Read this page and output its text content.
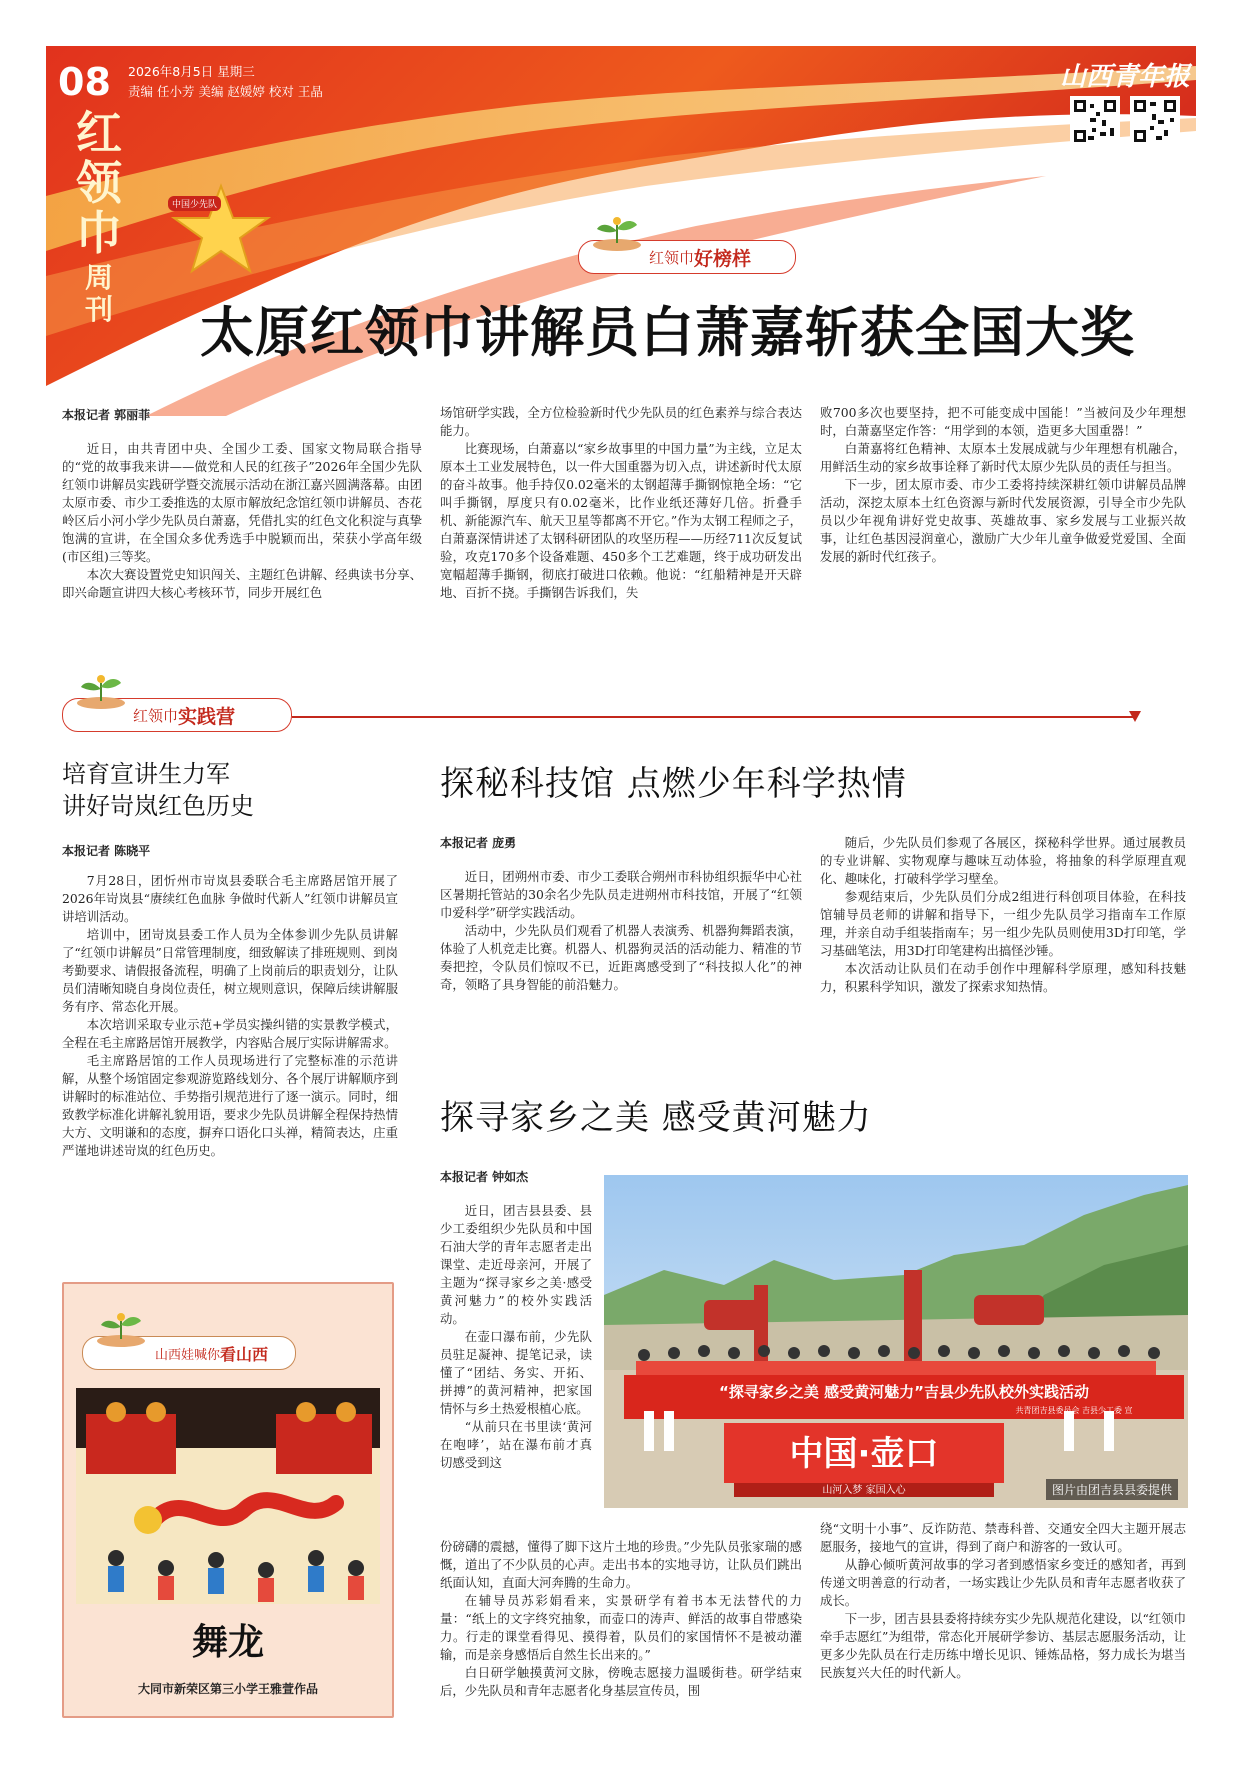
08 2026年8月5日 星期三
责编 任小芳 美编 赵媛婷 校对 王晶
红
领
巾
周
刊
中国少先队
山西青年报
红领巾 好榜样
太原红领巾讲解员白萧嘉斩获全国大奖
本报记者 郭丽菲

近日，由共青团中央、全国少工委、国家文物局联合指导的“党的故事我来讲——做党和人民的红孩子”2026年全国少先队红领巾讲解员实践研学暨交流展示活动在浙江嘉兴圆满落幕。由团太原市委、市少工委推选的太原市解放纪念馆红领巾讲解员、杏花岭区后小河小学少先队员白萧嘉，凭借扎实的红色文化积淀与真挚饱满的宣讲，在全国众多优秀选手中脱颖而出，荣获小学高年级(市区组)三等奖。

本次大赛设置党史知识闯关、主题红色讲解、经典读书分享、即兴命题宣讲四大核心考核环节，同步开展红色

场馆研学实践，全方位检验新时代少先队员的红色素养与综合表达能力。

比赛现场，白萧嘉以“家乡故事里的中国力量”为主线，立足太原本土工业发展特色，以一件大国重器为切入点，讲述新时代太原的奋斗故事。他手持仅0.02毫米的太钢超薄手撕钢惊艳全场：“它叫手撕钢，厚度只有0.02毫米，比作业纸还薄好几倍。折叠手机、新能源汽车、航天卫星等都离不开它。”作为太钢工程师之子，白萧嘉深情讲述了太钢科研团队的攻坚历程——历经711次反复试验，攻克170多个设备难题、450多个工艺难题，终于成功研发出宽幅超薄手撕钢，彻底打破进口依赖。他说：“红船精神是开天辟地、百折不挠。手撕钢告诉我们，失

败700多次也要坚持，把不可能变成中国能！”当被问及少年理想时，白萧嘉坚定作答：“用学到的本领，造更多大国重器！”

白萧嘉将红色精神、太原本土发展成就与少年理想有机融合，用鲜活生动的家乡故事诠释了新时代太原少先队员的责任与担当。

下一步，团太原市委、市少工委将持续深耕红领巾讲解员品牌活动，深挖太原本土红色资源与新时代发展资源，引导全市少先队员以少年视角讲好党史故事、英雄故事、家乡发展与工业振兴故事，让红色基因浸润童心，激励广大少年儿童争做爱党爱国、全面发展的新时代红孩子。

红领巾 实践营
培育宣讲生力军
讲好岢岚红色历史
本报记者 陈晓平

7月28日，团忻州市岢岚县委联合毛主席路居馆开展了2026年岢岚县“赓续红色血脉 争做时代新人”红领巾讲解员宣讲培训活动。

培训中，团岢岚县委工作人员为全体参训少先队员讲解了“红领巾讲解员”日常管理制度，细致解读了排班规则、到岗考勤要求、请假报备流程，明确了上岗前后的职责划分，让队员们清晰知晓自身岗位责任，树立规则意识，保障后续讲解服务有序、常态化开展。

本次培训采取专业示范+学员实操纠错的实景教学模式，全程在毛主席路居馆开展教学，内容贴合展厅实际讲解需求。

毛主席路居馆的工作人员现场进行了完整标准的示范讲解，从整个场馆固定参观游览路线划分、各个展厅讲解顺序到讲解时的标准站位、手势指引规范进行了逐一演示。同时，细致教学标准化讲解礼貌用语，要求少先队员讲解全程保持热情大方、文明谦和的态度，摒弃口语化口头禅，精简表达，庄重严谨地讲述岢岚的红色历史。

探秘科技馆 点燃少年科学热情
本报记者 庞勇

近日，团朔州市委、市少工委联合朔州市科协组织振华中心社区暑期托管站的30余名少先队员走进朔州市科技馆，开展了“红领巾爱科学”研学实践活动。

活动中，少先队员们观看了机器人表演秀、机器狗舞蹈表演，体验了人机竞走比赛。机器人、机器狗灵活的活动能力、精准的节奏把控，令队员们惊叹不已，近距离感受到了“科技拟人化”的神奇，领略了具身智能的前沿魅力。

随后，少先队员们参观了各展区，探秘科学世界。通过展教员的专业讲解、实物观摩与趣味互动体验，将抽象的科学原理直观化、趣味化，打破科学学习壁垒。

参观结束后，少先队员们分成2组进行科创项目体验，在科技馆辅导员老师的讲解和指导下，一组少先队员学习指南车工作原理，并亲自动手组装指南车；另一组少先队员则使用3D打印笔，学习基础笔法，用3D打印笔建构出搞怪沙锤。

本次活动让队员们在动手创作中理解科学原理，感知科技魅力，积累科学知识，激发了探索求知热情。

探寻家乡之美 感受黄河魅力
本报记者 钟如杰

近日，团吉县县委、县少工委组织少先队员和中国石油大学的青年志愿者走出课堂、走近母亲河，开展了主题为“探寻家乡之美·感受黄河魅力”的校外实践活动。

在壶口瀑布前，少先队员驻足凝神、提笔记录，读懂了“团结、务实、开拓、拼搏”的黄河精神，把家国情怀与乡土热爱根植心底。

“从前只在书里读‘黄河在咆哮’，站在瀑布前才真切感受到这

份磅礴的震撼，懂得了脚下这片土地的珍贵。”少先队员张家瑞的感慨，道出了不少队员的心声。走出书本的实地寻访，让队员们跳出纸面认知，直面大河奔腾的生命力。

在辅导员苏彩娟看来，实景研学有着书本无法替代的力量：“纸上的文字终究抽象，而壶口的涛声、鲜活的故事自带感染力。行走的课堂看得见、摸得着，队员们的家国情怀不是被动灌输，而是亲身感悟后自然生长出来的。”

白日研学触摸黄河文脉，傍晚志愿接力温暖街巷。研学结束后，少先队员和青年志愿者化身基层宣传员，围

绕“文明十小事”、反诈防范、禁毒科普、交通安全四大主题开展志愿服务，接地气的宣讲，得到了商户和游客的一致认可。

从静心倾听黄河故事的学习者到感悟家乡变迁的感知者，再到传递文明善意的行动者，一场实践让少先队员和青年志愿者收获了成长。

下一步，团吉县县委将持续夯实少先队规范化建设，以“红领巾牵手志愿红”为组带，常态化开展研学参访、基层志愿服务活动，让更多少先队员在行走历练中增长见识、锤炼品格，努力成长为堪当民族复兴大任的时代新人。

“探寻家乡之美 感受黄河魅力”吉县少先队校外实践活动
共青团吉县委员会 吉县少工委 宣
中国·壶口
山河入梦 家国入心	图片由团吉县县委提供
山西娃喊你 看山西
舞龙
大同市新荣区第三小学王雅萱作品
